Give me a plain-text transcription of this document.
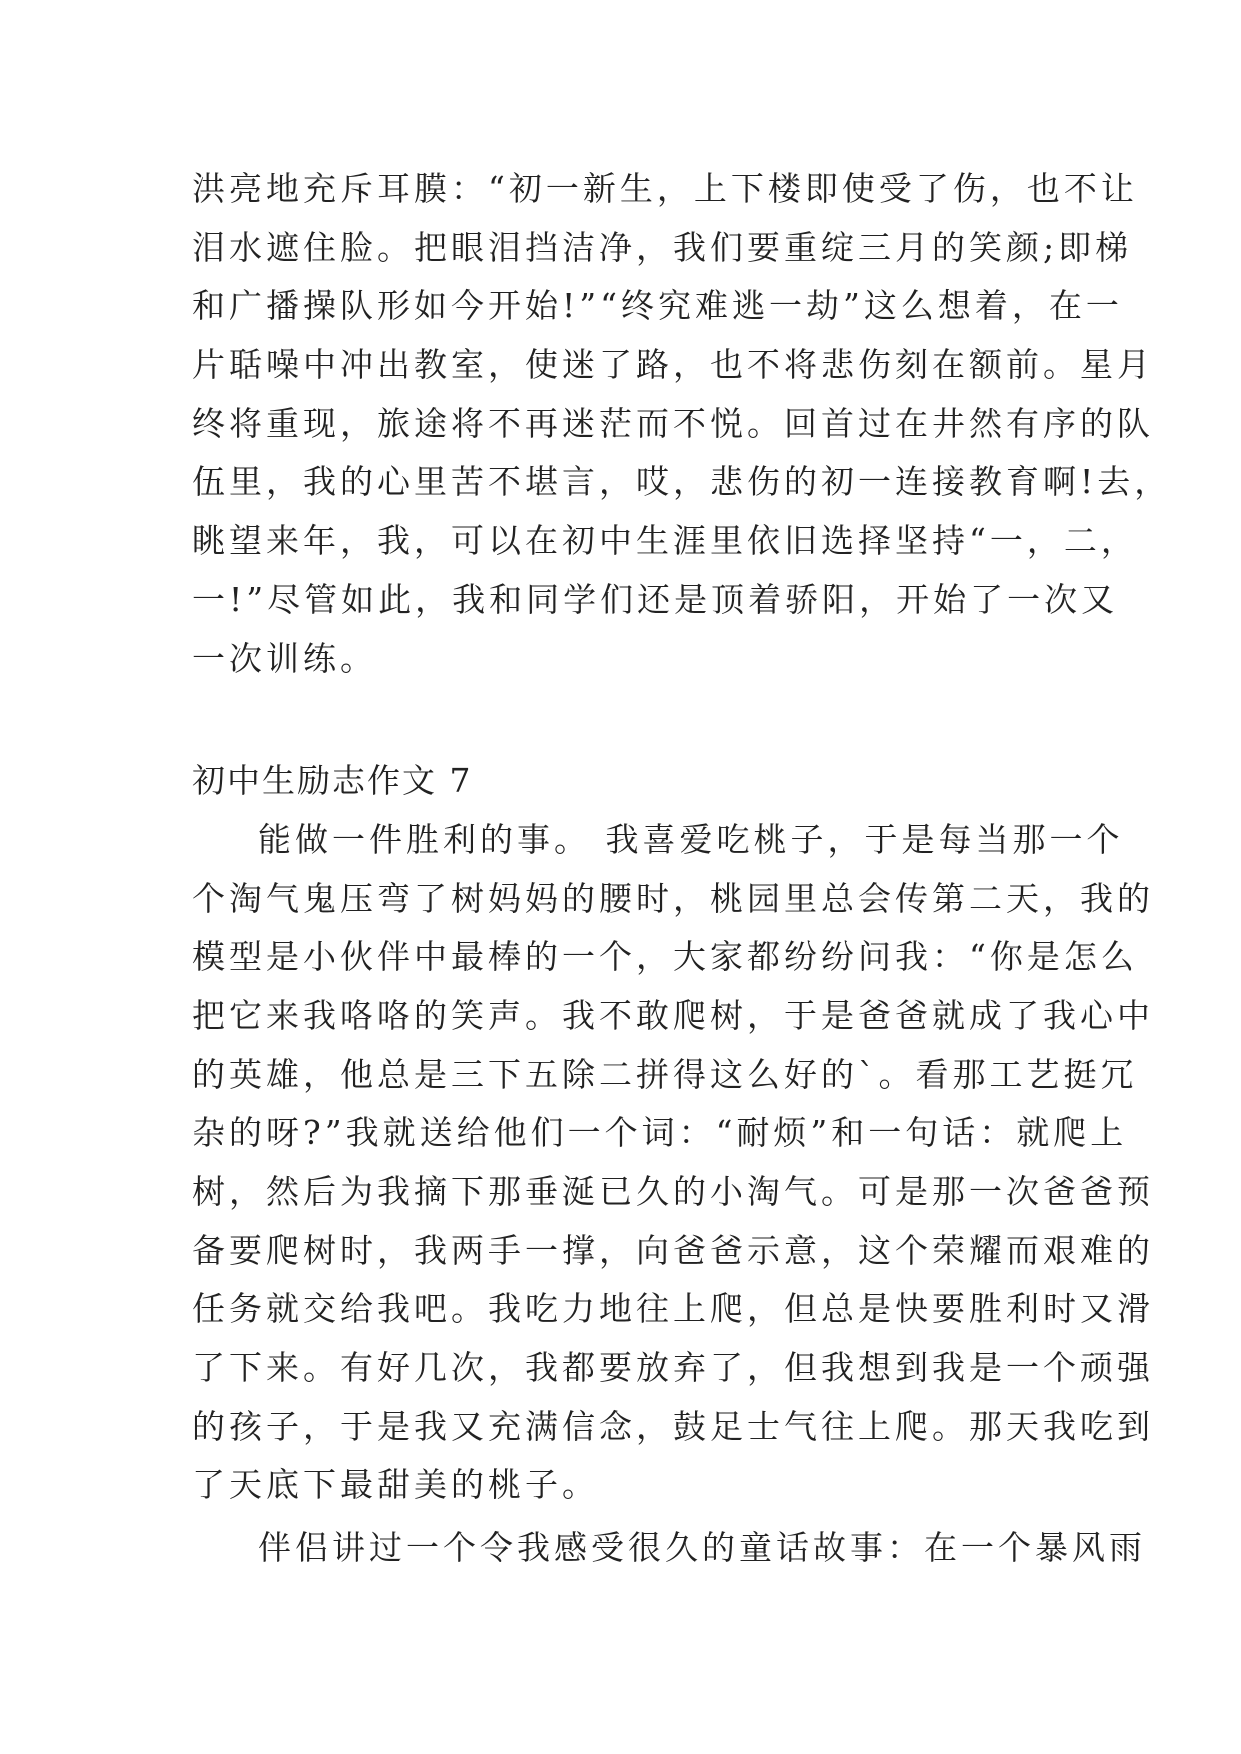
洪亮地充斥耳膜：“初一新生，上下楼即使受了伤，也不让

泪水遮住脸。把眼泪挡洁净，我们要重绽三月的笑颜;即梯

和广播操队形如今开始!”“终究难逃一劫”这么想着，在一

片聒噪中冲出教室，使迷了路，也不将悲伤刻在额前。星月

终将重现，旅途将不再迷茫而不悦。回首过在井然有序的队

伍里，我的心里苦不堪言，哎，悲伤的初一连接教育啊!去，

眺望来年，我，可以在初中生涯里依旧选择坚持“一，二，

一!”尽管如此，我和同学们还是顶着骄阳，开始了一次又

一次训练。

初中生励志作文 7

能做一件胜利的事。 我喜爱吃桃子，于是每当那一个

个淘气鬼压弯了树妈妈的腰时，桃园里总会传第二天，我的

模型是小伙伴中最棒的一个，大家都纷纷问我：“你是怎么

把它来我咯咯的笑声。我不敢爬树，于是爸爸就成了我心中

的英雄，他总是三下五除二拼得这么好的`。看那工艺挺冗

杂的呀?”我就送给他们一个词：“耐烦”和一句话：就爬上

树，然后为我摘下那垂涎已久的小淘气。可是那一次爸爸预

备要爬树时，我两手一撑，向爸爸示意，这个荣耀而艰难的

任务就交给我吧。我吃力地往上爬，但总是快要胜利时又滑

了下来。有好几次，我都要放弃了，但我想到我是一个顽强

的孩子，于是我又充满信念，鼓足士气往上爬。那天我吃到

了天底下最甜美的桃子。

伴侣讲过一个令我感受很久的童话故事：在一个暴风雨
